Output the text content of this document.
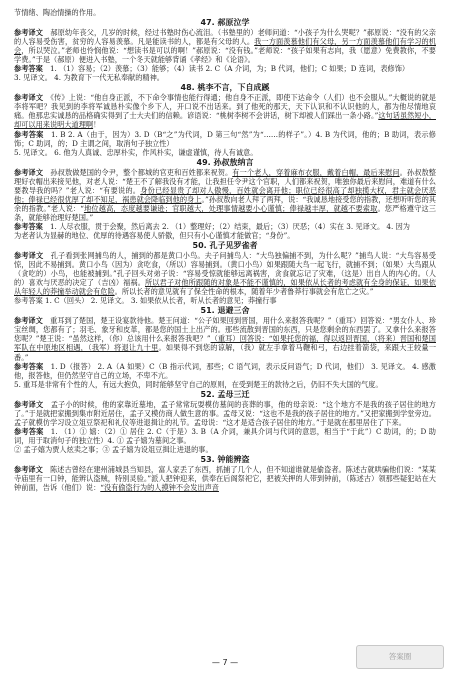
节情绪、陶冶情操的作用。

47. 郝原泣学

参考译文　 郝原幼年丧父，几岁的时候，经过书塾时伤心流泪。（书塾里的）老师问道：“小孩子为什么哭呢？”郝原说：“没有的父亲的人容易受伤害，贫穷的人容易羡慕。凡是能读书的人，都是有父母的人。我一方面羡慕他们有父母，另一方面羡慕他们有学习的机会，所以哭泣。”老师也怜悯他说：“想读书是可以的啊！”郝原说：“没有钱。”老师说：“孩子如果有志向，我（愿意）免费教你，不要学费。”于是（郝原）便进入书塾，一个冬天就能够背诵《孝经》和《论语》。

参考答案　 1. （1）容易；（2）羡慕；（3）能够；（4）读书 2. C（A 介词，为；B 代词，他们；C 如果；D 连词，表修饰）

3. 见译文。 4. 为教育下一代无私奉献的精神。

48. 桃李不言，下自成蹊

参考译文　 《传》上说：“他自身正派，不下命令事情也能行得通；他自身不正派，即使下达命令（人们）也不会服从。”大概说的就是李将军吧？我见到的李将军诚恳朴实像个乡下人，开口说不出话来。到了他死的那天，天下认识和不认识他的人，都为他尽情地哀痛。他那忠实诚恳的品格确实得到了士大夫们的信赖。谚语说：“桃树李树不会讲话，树下却被人们踩出一条小路。”这句话虽然短小，却可以用来说明大道理啊！

参考答案　 1. B 2. A（由于，因为）3. D（B“之”为代词，D 第三句“然”为“……的样子”。）4. B 为代词，他的；B 助词，表示修饰；C 助词，的；D 主谓之间，取消句子独立性）

5. 见译文。 6. 他为人真诚、忠厚朴实，作风朴实，谦虚谨慎，待人有诚意。

49. 孙叔敖纳言

参考译文　 孙叔敖做楚国的令尹，整个都城的官吏和百姓都来祝贺。有一个老人，穿着麻布衣服，戴着白帽，最后来慰问。孙叔敖整理好衣帽出来接见他，对老人说：“楚王不了解我没有才能，让我担任令尹这个官职，人们都来祝贺，唯独你最后来慰问，难道有什么要教导我的吗？”老人说：“有要说的。身份已经显贵了却对人傲慢，百姓就会离开他；职位已经很高了却独揽大权，君主就会厌恶他；俸禄已经很优厚了却不知足，祸患就会降临到他的身上。”孙叔敖向老人拜了两拜，说：“我诚恳地接受您的指教，还想听听您的其余的指教。”老人说：“地位越高，态度越要谦逊；官职越大，处理事情越要小心谨慎；俸禄越丰厚，就越不要索取。您严格遵守这三条，就能够治理好楚国。”

参考答案　 1. 人尽衣服，贯于会聚，然后离去 2. （1）整理好；（2）结束，最后；（3）厌恶；（4）实在 3. 见译文。 4. 因为

为老者认为显赫的地位、优厚的待遇容易使人骄傲，但只有小心谨慎才能做官；“身份”。

50. 孔子见罗雀者

参考译文　 孔子看到张网捕鸟的人，捕到的都是黄口小鸟。夫子问捕鸟人：“大鸟独偏捕不到，为什么呢？”捕鸟人说：“大鸟容易受惊，因此不易捕到。黄口小鸟（因为）贪吃食，（所以）容易捕到。（黄口小鸟）如果跟随大鸟一起飞行，就捕不到；（如果）大鸟跟从（贪吃的）小鸟，也能被捕到。”孔子回头对弟子说：“容易受惊就能够远离祸害，贪食就忘记了灾难，（这是）出自人的内心的。（人的）喜欢与厌恶的决定了（吉凶）福祸。所以君子对他所跟随的对象是不能不谨慎的，如果依从长者的考虑就有全身的保证，如果依从年轻人的莽撞举动就会有危险。所以长者的意见就有了保全性命的根本，随着年少者鲁莽行事就会有危亡之灾。”

参考答案 1. C（回头） 2. 见译文。 3. 如果依从长者，听从长者的意见；莽撞行事

51. 退避三舍

参考译文　 重耳到了楚国，楚王设宴款待他。楚王问道：“公子如果回到晋国，用什么来报答我呢？”（重耳）回答说：“男女仆人、珍宝丝绸，您都有了；羽毛、象牙和皮革，都是您的国土上出产的。那些流散到晋国的东西，只是您剩余的东西罢了。又拿什么来报答您呢？”楚王说：“虽然这样，（你）总该用什么来报答我吧？”（重耳）回答说：“如果托您的福，得以返回晋国，（将来）晋国和楚国军队在中原地区相遇，（我军）将退让九十里。如果得不到您的谅解，（我）就左手拿着马鞭和弓，右边挂着箭袋，来跟大王较量一番。”

参考答案　 1. D（报答） 2. A（A 如果）C（B 指示代词，那些；C 语气词，表示反问语气；D 代词，他们） 3. 见译文。 4. 感激他，报答他，但仍然坚守自己的立场，不卑不亢。

5. 重耳是非常有个性的人，有远大抱负，同时能够坚守自己的原则，在受到楚王的款待之后，仍旧不失大国的气度。

52. 孟母三迁

参考译文　 孟子小的时候，他的家靠近墓地，孟子常常玩耍模仿墓间的丧葬的事，他的母亲说：“这个地方不是我的孩子居住的地方了。”于是就把家搬到集市附近居住，孟子又模仿商人做生意的事。孟母又说：“这也不是我的孩子居住的地方。”又把家搬到学堂旁边。孟子就模仿学习设立俎豆祭祀和礼仪等进退揖让的礼节。孟母说：“这才是适合孩子居住的地方。”于是就在那里居住了下来。

参考答案　 1. （1）① 嬉：（2）① 居住 2. C（于是）3. B（A 介词，兼具介词与代词的意思，相当于“于此”）C 助词，的；D 助词，用于取消句子的独立性）4. ① 孟子嬉为墓间之事。

② 孟子嬉为贾人炫卖之事；③ 孟子嬉为设俎豆揖让进退的事。

53. 钟能辨盗

参考译文　 陈述古曾经在建州浦城县当知县，富人家丢了东西，抓捕了几个人，但不知道谁就是偷盗者。陈述古就哄骗他们说：“某某寺庙里有一口钟，能辨认盗贼，特别灵验。”派人把钟迎来，供奉在后阁祭祀它，把被关押的人带到钟前，（陈述古）领那些疑犯站在大钟前面，告诉（他们）说：“没有偷盗行为的人摸钟不会发出声音

— 7 —
答案圈
